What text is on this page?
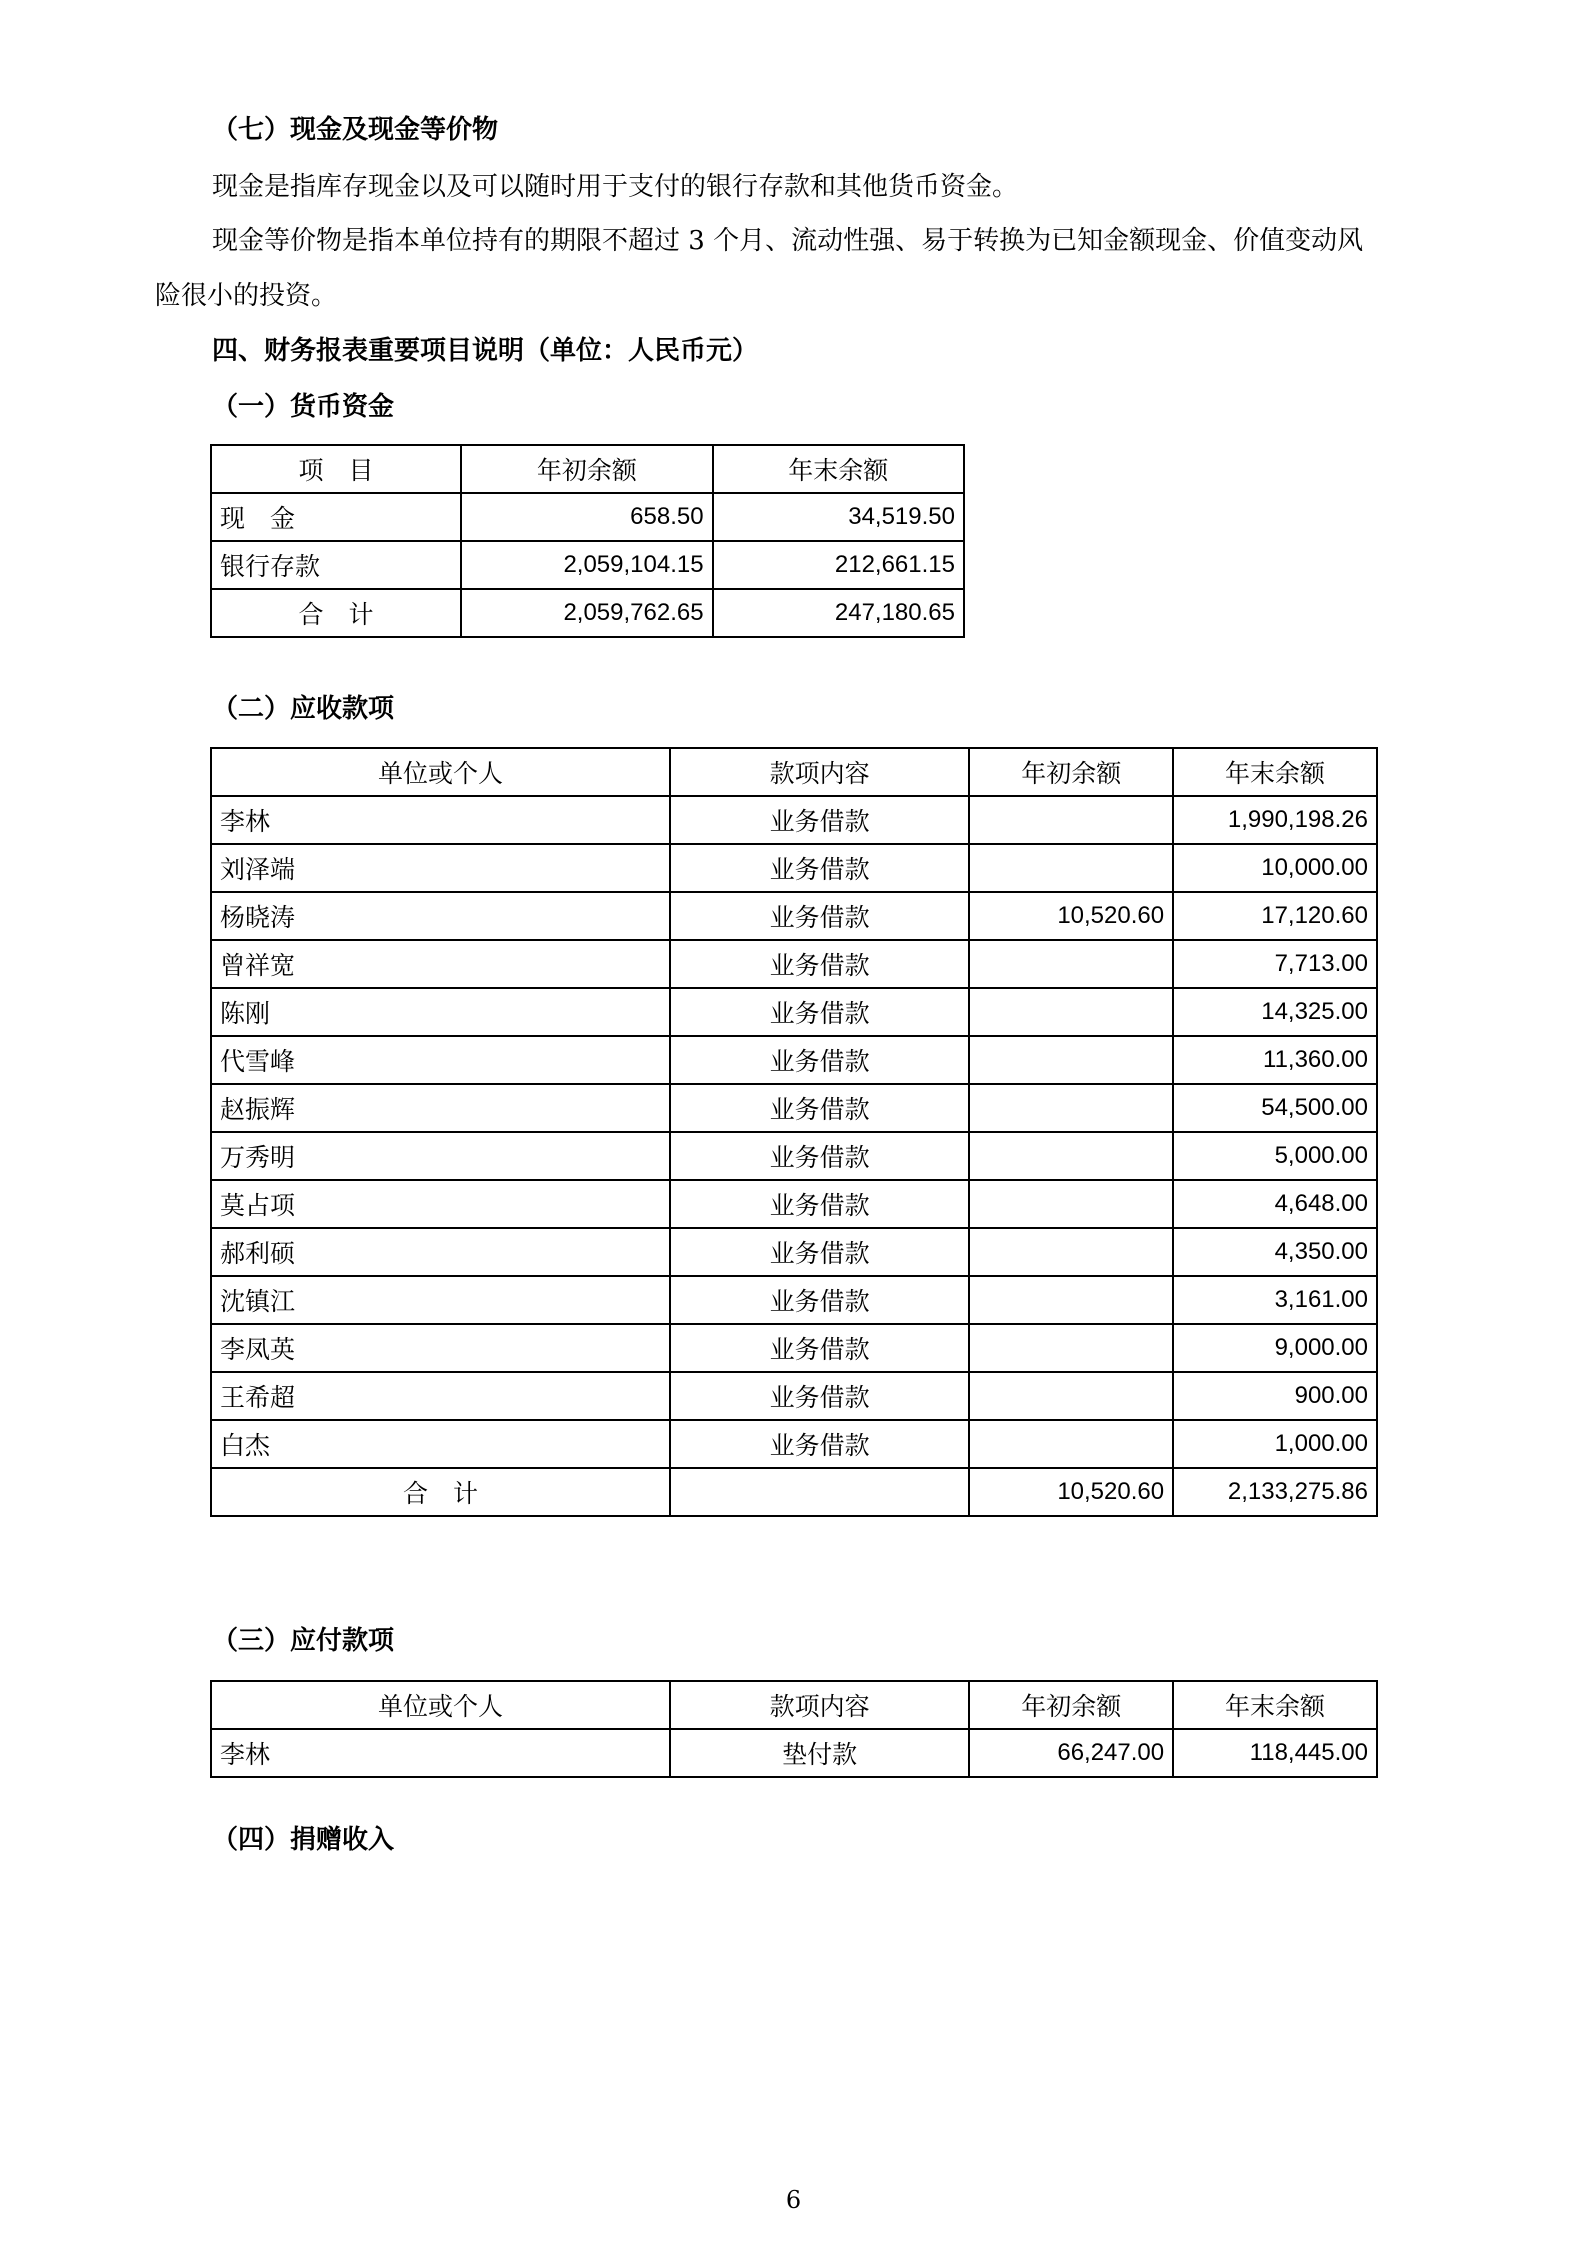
（七）现金及现金等价物
现金是指库存现金以及可以随时用于支付的银行存款和其他货币资金。
现金等价物是指本单位持有的期限不超过 3 个月、流动性强、易于转换为已知金额现金、价值变动风
险很小的投资。
四、财务报表重要项目说明（单位：人民币元）
（一）货币资金
项　目	年初余额	年末余额
现　金	658.50	34,519.50
银行存款	2,059,104.15	212,661.15
合　计	2,059,762.65	247,180.65
（二）应收款项
单位或个人	款项内容	年初余额	年末余额
李林	业务借款		1,990,198.26
刘泽端	业务借款		10,000.00
杨晓涛	业务借款	10,520.60	17,120.60
曾祥宽	业务借款		7,713.00
陈刚	业务借款		14,325.00
代雪峰	业务借款		11,360.00
赵振辉	业务借款		54,500.00
万秀明	业务借款		5,000.00
莫占项	业务借款		4,648.00
郝利硕	业务借款		4,350.00
沈镇江	业务借款		3,161.00
李凤英	业务借款		9,000.00
王希超	业务借款		900.00
白杰	业务借款		1,000.00
合　计		10,520.60	2,133,275.86
（三）应付款项
单位或个人	款项内容	年初余额	年末余额
李林	垫付款	66,247.00	118,445.00
（四）捐赠收入
6
